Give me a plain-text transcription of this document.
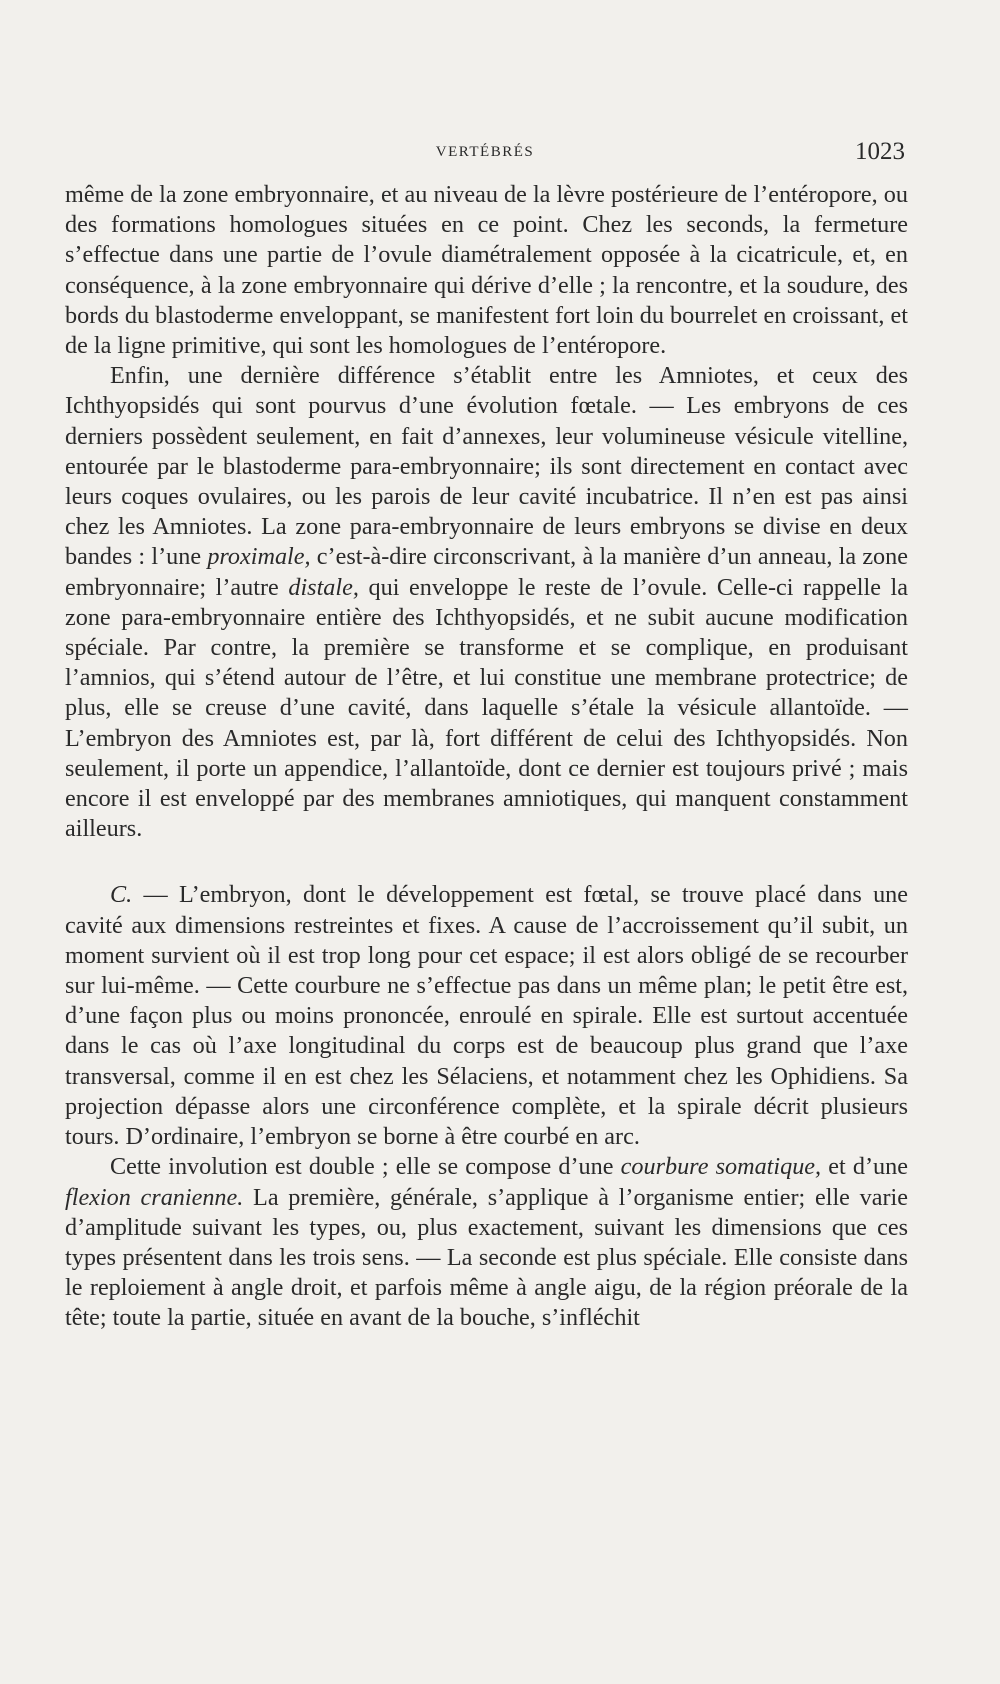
VERTÉBRÉS	1023

même de la zone embryonnaire, et au niveau de la lèvre postérieure de l’entéropore, ou des formations homologues situées en ce point. Chez les seconds, la fermeture s’effectue dans une partie de l’ovule diamétralement opposée à la cicatricule, et, en conséquence, à la zone embryonnaire qui dérive d’elle ; la rencontre, et la soudure, des bords du blastoderme enveloppant, se manifestent fort loin du bourrelet en croissant, et de la ligne primitive, qui sont les homologues de l’entéropore.

Enfin, une dernière différence s’établit entre les Amniotes, et ceux des Ichthyopsidés qui sont pourvus d’une évolution fœtale. — Les embryons de ces derniers possèdent seulement, en fait d’annexes, leur volumineuse vésicule vitelline, entourée par le blastoderme para-embryonnaire; ils sont directement en contact avec leurs coques ovulaires, ou les parois de leur cavité incubatrice. Il n’en est pas ainsi chez les Amniotes. La zone para-embryonnaire de leurs embryons se divise en deux bandes : l’une proximale, c’est-à-dire circonscrivant, à la manière d’un anneau, la zone embryonnaire; l’autre distale, qui enveloppe le reste de l’ovule. Celle-ci rappelle la zone para-embryonnaire entière des Ichthyopsidés, et ne subit aucune modification spéciale. Par contre, la première se transforme et se complique, en produisant l’amnios, qui s’étend autour de l’être, et lui constitue une membrane protectrice; de plus, elle se creuse d’une cavité, dans laquelle s’étale la vésicule allantoïde. — L’embryon des Amniotes est, par là, fort différent de celui des Ichthyopsidés. Non seulement, il porte un appendice, l’allantoïde, dont ce dernier est toujours privé ; mais encore il est enveloppé par des membranes amniotiques, qui manquent constamment ailleurs.

C. — L’embryon, dont le développement est fœtal, se trouve placé dans une cavité aux dimensions restreintes et fixes. A cause de l’accroissement qu’il subit, un moment survient où il est trop long pour cet espace; il est alors obligé de se recourber sur lui-même. — Cette courbure ne s’effectue pas dans un même plan; le petit être est, d’une façon plus ou moins prononcée, enroulé en spirale. Elle est surtout accentuée dans le cas où l’axe longitudinal du corps est de beaucoup plus grand que l’axe transversal, comme il en est chez les Sélaciens, et notamment chez les Ophidiens. Sa projection dépasse alors une circonférence complète, et la spirale décrit plusieurs tours. D’ordinaire, l’embryon se borne à être courbé en arc.

Cette involution est double ; elle se compose d’une courbure somatique, et d’une flexion cranienne. La première, générale, s’applique à l’organisme entier; elle varie d’amplitude suivant les types, ou, plus exactement, suivant les dimensions que ces types présentent dans les trois sens. — La seconde est plus spéciale. Elle consiste dans le reploiement à angle droit, et parfois même à angle aigu, de la région préorale de la tête; toute la partie, située en avant de la bouche, s’infléchit
